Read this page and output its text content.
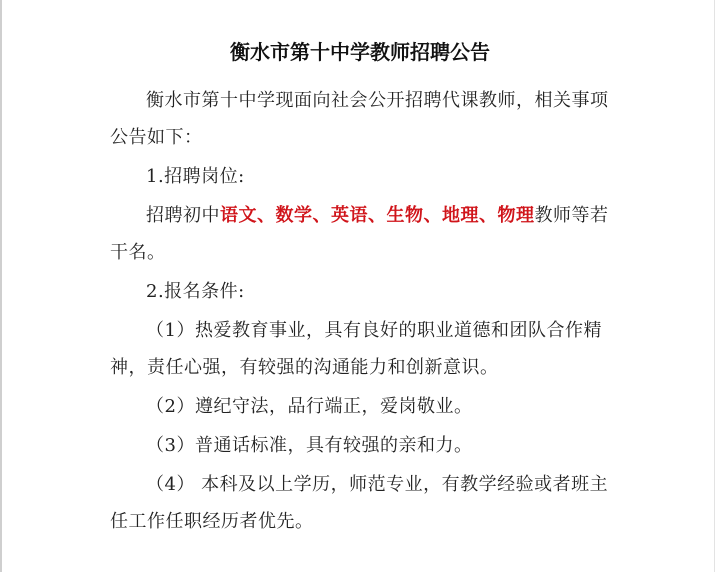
衡水市第十中学教师招聘公告

衡水市第十中学现面向社会公开招聘代课教师，相关事项公告如下：

1.招聘岗位:

招聘初中语文、数学、英语、生物、地理、物理教师等若干名。

2.报名条件:

（1）热爱教育事业，具有良好的职业道德和团队合作精神，责任心强，有较强的沟通能力和创新意识。

（2）遵纪守法，品行端正，爱岗敬业。

（3）普通话标准，具有较强的亲和力。

（4） 本科及以上学历，师范专业，有教学经验或者班主任工作任职经历者优先。
